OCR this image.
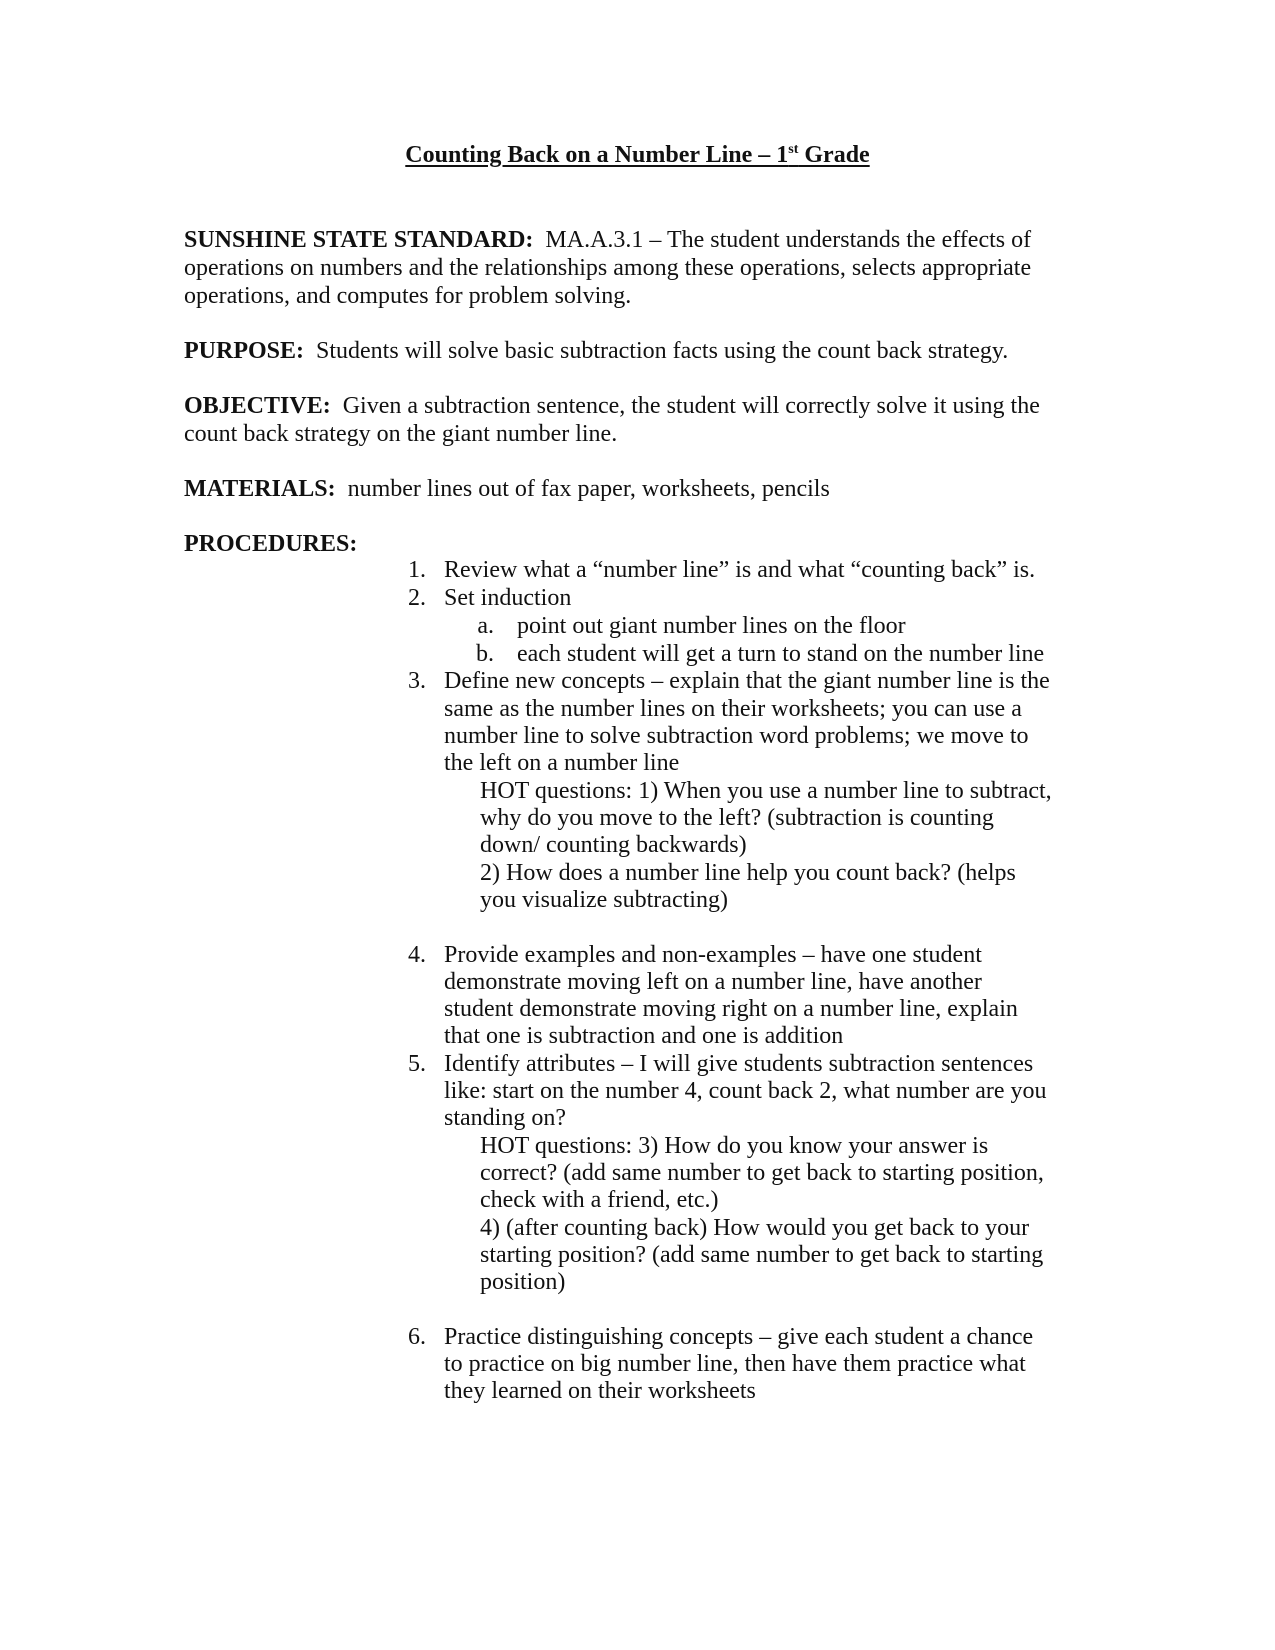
Counting Back on a Number Line – 1st Grade
SUNSHINE STATE STANDARD: MA.A.3.1 – The student understands the effects of
operations on numbers and the relationships among these operations, selects appropriate
operations, and computes for problem solving.
PURPOSE: Students will solve basic subtraction facts using the count back strategy.
OBJECTIVE: Given a subtraction sentence, the student will correctly solve it using the
count back strategy on the giant number line.
MATERIALS: number lines out of fax paper, worksheets, pencils
PROCEDURES:
1. Review what a “number line” is and what “counting back” is.
2. Set induction
a. point out giant number lines on the floor
b. each student will get a turn to stand on the number line
3. Define new concepts – explain that the giant number line is the
same as the number lines on their worksheets; you can use a
number line to solve subtraction word problems; we move to
the left on a number line
HOT questions: 1) When you use a number line to subtract,
why do you move to the left? (subtraction is counting
down/ counting backwards)
2) How does a number line help you count back? (helps
you visualize subtracting)
4. Provide examples and non-examples – have one student
demonstrate moving left on a number line, have another
student demonstrate moving right on a number line, explain
that one is subtraction and one is addition
5. Identify attributes – I will give students subtraction sentences
like: start on the number 4, count back 2, what number are you
standing on?
HOT questions: 3) How do you know your answer is
correct? (add same number to get back to starting position,
check with a friend, etc.)
4) (after counting back) How would you get back to your
starting position? (add same number to get back to starting
position)
6. Practice distinguishing concepts – give each student a chance
to practice on big number line, then have them practice what
they learned on their worksheets
